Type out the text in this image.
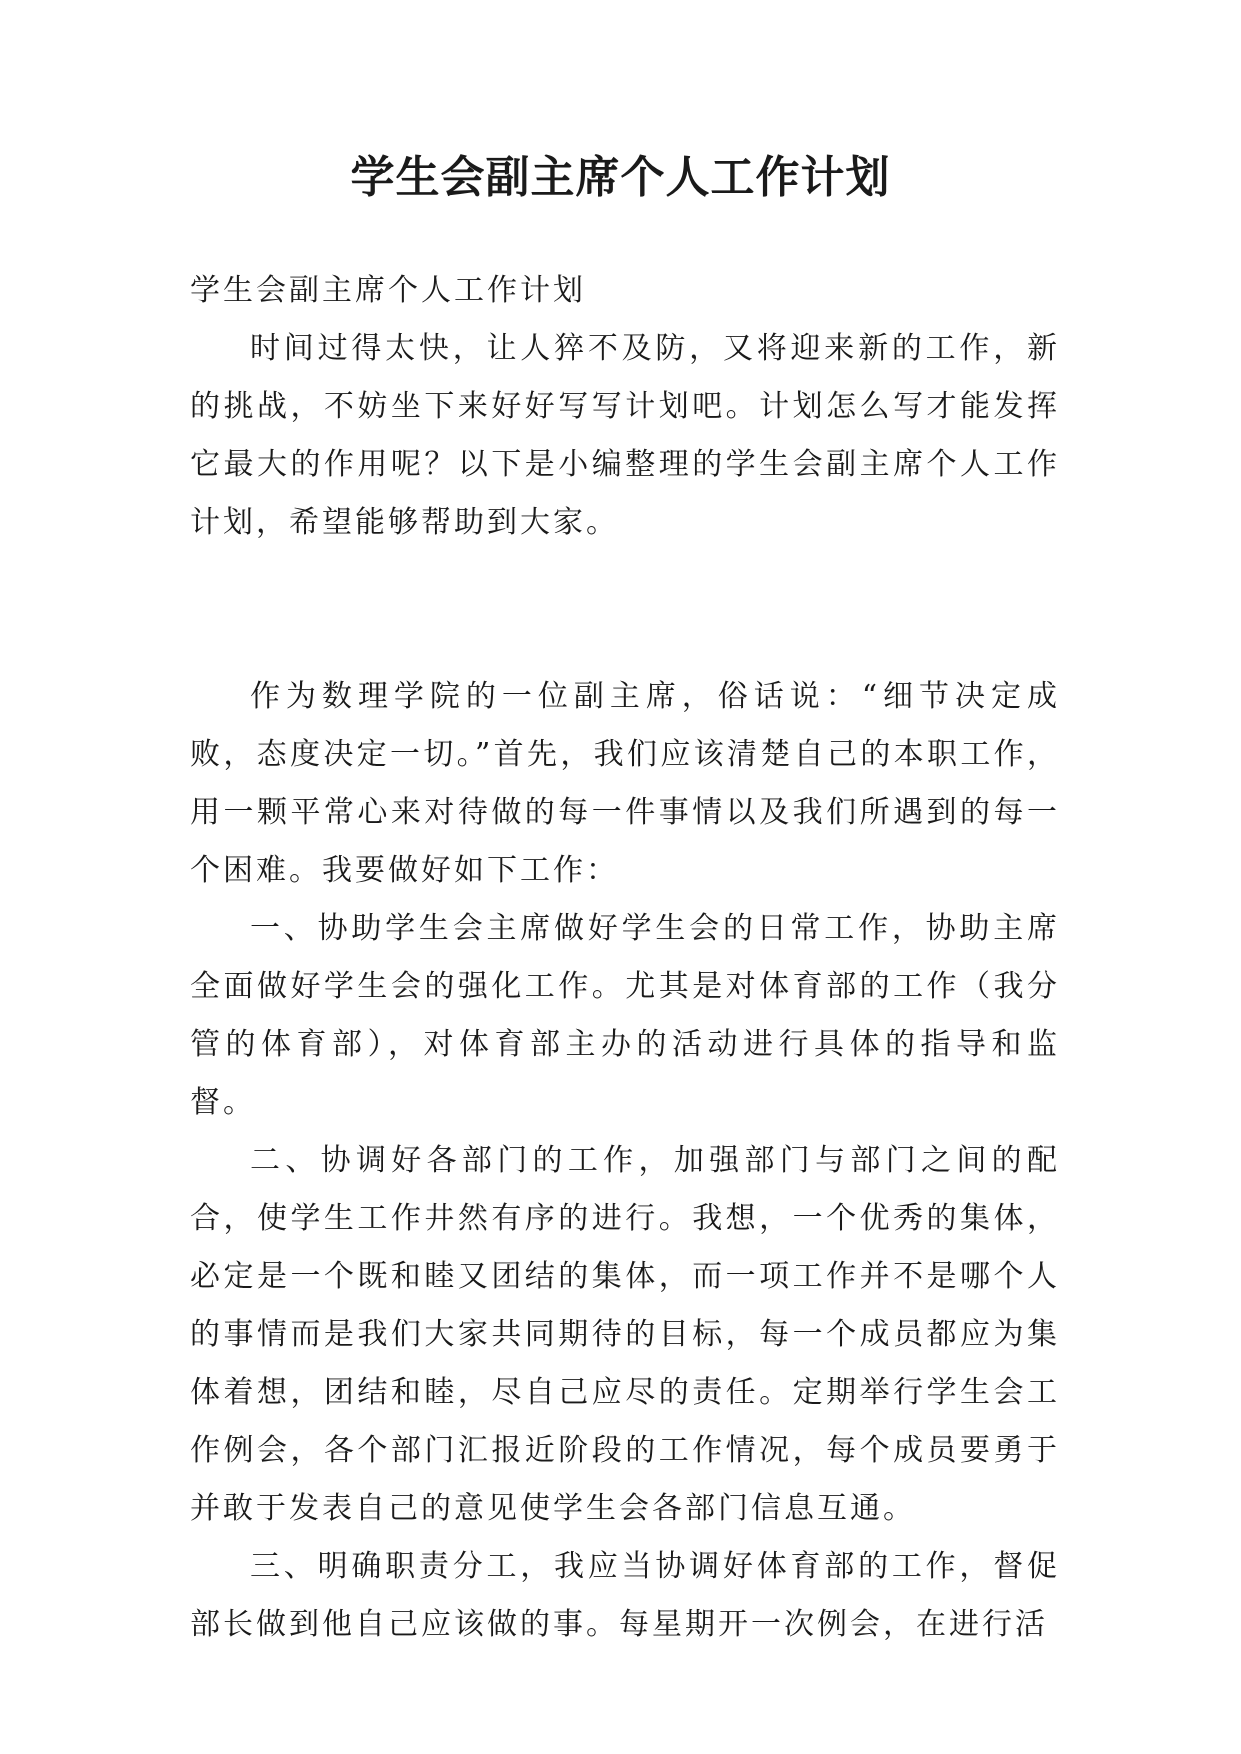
学生会副主席个人工作计划

学生会副主席个人工作计划

时间过得太快，让人猝不及防，又将迎来新的工作，新的挑战，不妨坐下来好好写写计划吧。计划怎么写才能发挥它最大的作用呢？以下是小编整理的学生会副主席个人工作计划，希望能够帮助到大家。

作为数理学院的一位副主席，俗话说：“细节决定成败，态度决定一切。”首先，我们应该清楚自己的本职工作，用一颗平常心来对待做的每一件事情以及我们所遇到的每一个困难。我要做好如下工作：

一、协助学生会主席做好学生会的日常工作，协助主席全面做好学生会的强化工作。尤其是对体育部的工作（我分管的体育部），对体育部主办的活动进行具体的指导和监督。

二、协调好各部门的工作，加强部门与部门之间的配合，使学生工作井然有序的进行。我想，一个优秀的集体，必定是一个既和睦又团结的集体，而一项工作并不是哪个人的事情而是我们大家共同期待的目标，每一个成员都应为集体着想，团结和睦，尽自己应尽的责任。定期举行学生会工作例会，各个部门汇报近阶段的工作情况，每个成员要勇于并敢于发表自己的意见使学生会各部门信息互通。

三、明确职责分工，我应当协调好体育部的工作，督促部长做到他自己应该做的事。每星期开一次例会，在进行活
